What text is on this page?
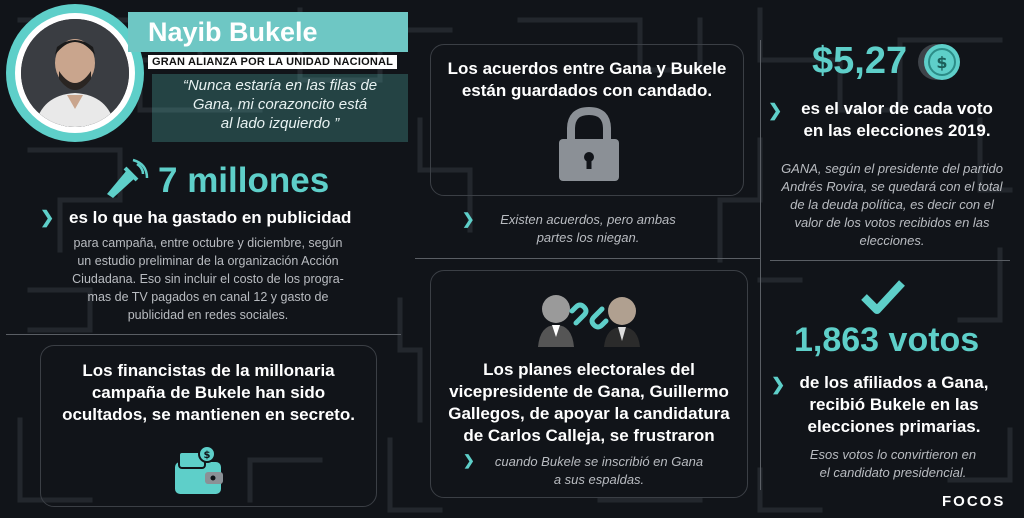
Nayib Bukele
GRAN ALIANZA POR LA UNIDAD NACIONAL
“Nunca estaría en las filas de
Gana, mi corazoncito está
al lado izquierdo ”
7 millones
❯ es lo que ha gastado en publicidad
para campaña, entre octubre y diciembre, según
un estudio preliminar de la organización Acción
Ciudadana. Eso sin incluir el costo de los progra-
mas de TV pagados en canal 12 y gasto de
publicidad en redes sociales.
Los financistas de la millonaria
campaña de Bukele han sido
ocultados, se mantienen en secreto.
$
Los acuerdos entre Gana y Bukele
están guardados con candado.
❯	Existen acuerdos, pero ambas
partes los niegan.
Los planes electorales del
vicepresidente de Gana, Guillermo
Gallegos, de apoyar la candidatura
de Carlos Calleja, se frustraron
❯	cuando Bukele se inscribió en Gana
a sus espaldas.
$5,27 $
❯	es el valor de cada voto
en las elecciones 2019.
GANA, según el presidente del partido
Andrés Rovira, se quedará con el total
de la deuda política, es decir con el
valor de los votos recibidos en las
elecciones.
1,863 votos
❯ de los afiliados a Gana,
recibió Bukele en las
elecciones primarias.
Esos votos lo convirtieron en
el candidato presidencial.
FOCOS
